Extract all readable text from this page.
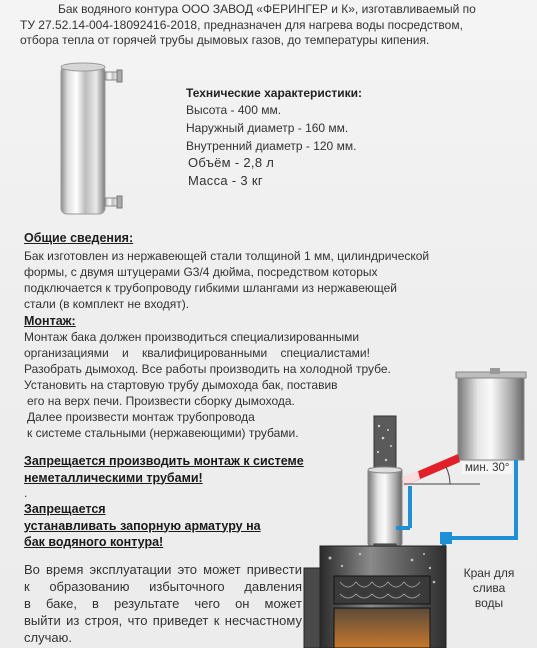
Бак водяного контура ООО ЗАВОД «ФЕРИНГЕР и К», изготавливаемый по
ТУ 27.52.14-004-18092416-2018, предназначен для нагрева воды посредством,
отбора тепла от горячей трубы дымовых газов, до температуры кипения.
Технические характеристики:
Высота - 400 мм.
Наружный диаметр - 160 мм.
Внутренний диаметр - 120 мм.
Объём - 2,8 л
Масса - 3 кг
Общие сведения:
Бак изготовлен из нержавеющей стали толщиной 1 мм, цилиндрической
формы, с двумя штуцерами G3/4 дюйма, посредством которых
подключается к трубопроводу гибкими шлангами из нержавеющей
стали (в комплект не входят).
Монтаж:
Монтаж бака должен производиться специализированными
организациями и квалифицированными специалистами!
Разобрать дымоход. Все работы производить на холодной трубе.
Установить на стартовую трубу дымохода бак, поставив
его на верх печи. Произвести сборку дымохода.
Далее произвести монтаж трубопровода
к системе стальными (нержавеющими) трубами.
Запрещается производить монтаж к системе
неметаллическими трубами!
.
Запрещается
устанавливать запорную арматуру на
бак водяного контура!
Во время эксплуатации это может привести
к образованию избыточного давления
в баке, в результате чего он может
выйти из строя, что приведет к несчастному
случаю.
мин. 30°
Кран для
слива
воды
